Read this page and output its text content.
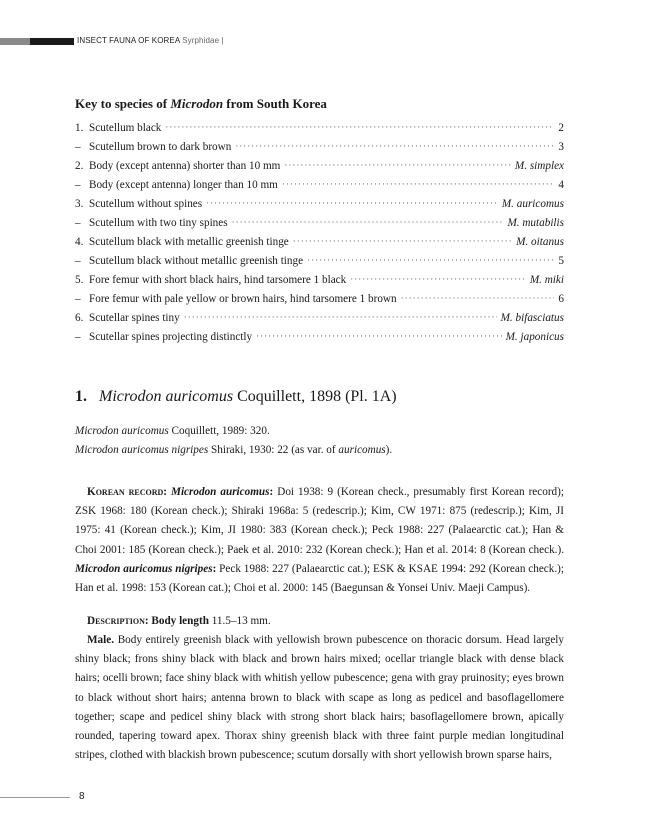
INSECT FAUNA OF KOREA Syrphidae |
Key to species of Microdon from South Korea
1. Scutellum black ·····	2
– Scutellum brown to dark brown ·····	3
2. Body (except antenna) shorter than 10 mm ·····	M. simplex
– Body (except antenna) longer than 10 mm ·····	4
3. Scutellum without spines ·····	M. auricomus
– Scutellum with two tiny spines ·····	M. mutabilis
4. Scutellum black with metallic greenish tinge ·····	M. oitanus
– Scutellum black without metallic greenish tinge ·····	5
5. Fore femur with short black hairs, hind tarsomere 1 black ·····	M. miki
– Fore femur with pale yellow or brown hairs, hind tarsomere 1 brown ·····	6
6. Scutellar spines tiny ·····	M. bifasciatus
– Scutellar spines projecting distinctly ·····	M. japonicus
1. Microdon auricomus Coquillett, 1898 (Pl. 1A)
Microdon auricomus Coquillett, 1989: 320.
Microdon auricomus nigripes Shiraki, 1930: 22 (as var. of auricomus).
Korean record: Microdon auricomus: Doi 1938: 9 (Korean check., presumably first Korean record); ZSK 1968: 180 (Korean check.); Shiraki 1968a: 5 (redescrip.); Kim, CW 1971: 875 (redescrip.); Kim, JI 1975: 41 (Korean check.); Kim, JI 1980: 383 (Korean check.); Peck 1988: 227 (Palaearctic cat.); Han & Choi 2001: 185 (Korean check.); Paek et al. 2010: 232 (Korean check.); Han et al. 2014: 8 (Korean check.). Microdon auricomus nigripes: Peck 1988: 227 (Palaearctic cat.); ESK & KSAE 1994: 292 (Korean check.); Han et al. 1998: 153 (Korean cat.); Choi et al. 2000: 145 (Baegunsan & Yonsei Univ. Maeji Campus).
Description: Body length 11.5–13 mm.
Male. Body entirely greenish black with yellowish brown pubescence on thoracic dorsum. Head largely shiny black; frons shiny black with black and brown hairs mixed; ocellar triangle black with dense black hairs; ocelli brown; face shiny black with whitish yellow pubescence; gena with gray pruinosity; eyes brown to black without short hairs; antenna brown to black with scape as long as pedicel and basoflagellomere together; scape and pedicel shiny black with strong short black hairs; basoflagellomere brown, apically rounded, tapering toward apex. Thorax shiny greenish black with three faint purple median longitudinal stripes, clothed with blackish brown pubescence; scutum dorsally with short yellowish brown sparse hairs,
8
